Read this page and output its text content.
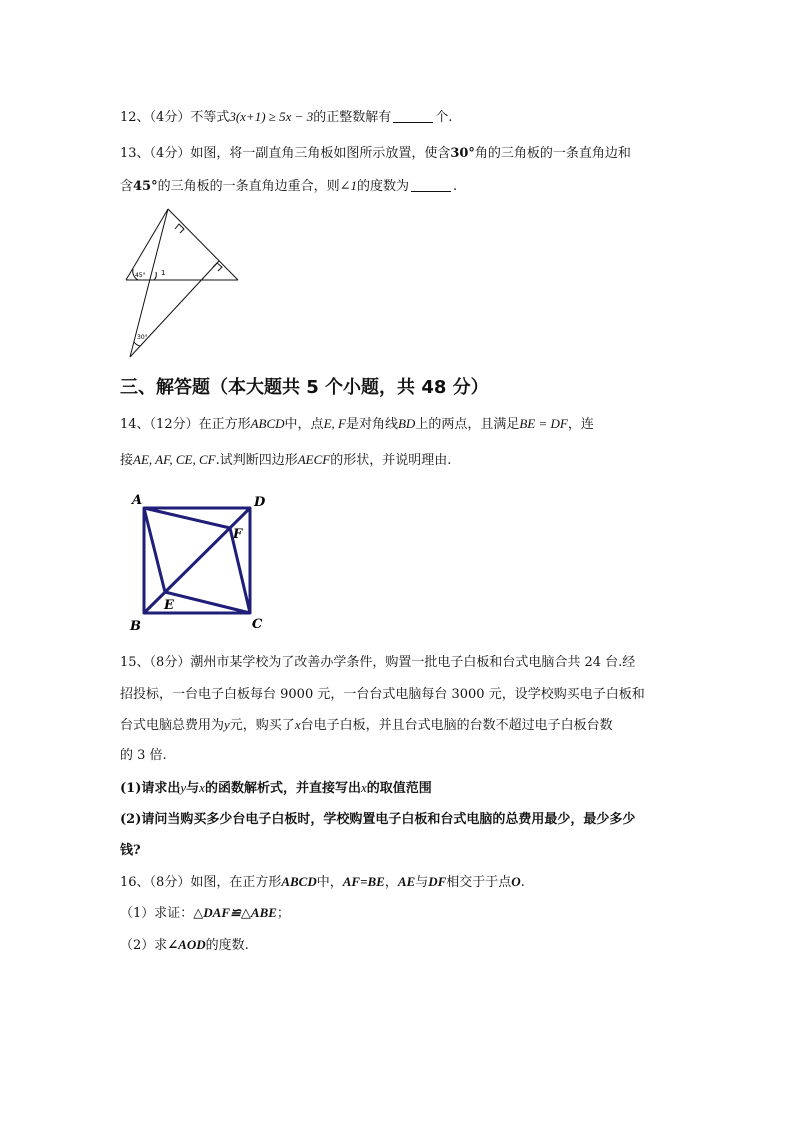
12、（4分）不等式3(x+1) ≥ 5x − 3的正整数解有	个.
13、（4分）如图，将一副直角三角板如图所示放置，使含30°角的三角板的一条直角边和
含45°的三角板的一条直角边重合，则∠1的度数为	.
45° 1
30°
三、解答题（本大题共 5 个小题，共 48 分）
14、（12分）在正方形ABCD中，点E, F是对角线BD上的两点，且满足BE = DF，连
接AE, AF, CE, CF.试判断四边形AECF的形状，并说明理由.
A	D
B	C
E
F
15、（8分）潮州市某学校为了改善办学条件，购置一批电子白板和台式电脑合共 24 台.经
招投标，一台电子白板每台 9000 元，一台台式电脑每台 3000 元，设学校购买电子白板和
台式电脑总费用为y元，购买了x台电子白板，并且台式电脑的台数不超过电子白板台数
的 3 倍.
(1)请求出y与x的函数解析式，并直接写出x的取值范围
(2)请问当购买多少台电子白板时，学校购置电子白板和台式电脑的总费用最少，最少多少
钱?
16、（8分）如图，在正方形ABCD中，AF=BE，AE与DF相交于于点O.
（1）求证：△DAF≌△ABE；
（2）求∠AOD的度数.
